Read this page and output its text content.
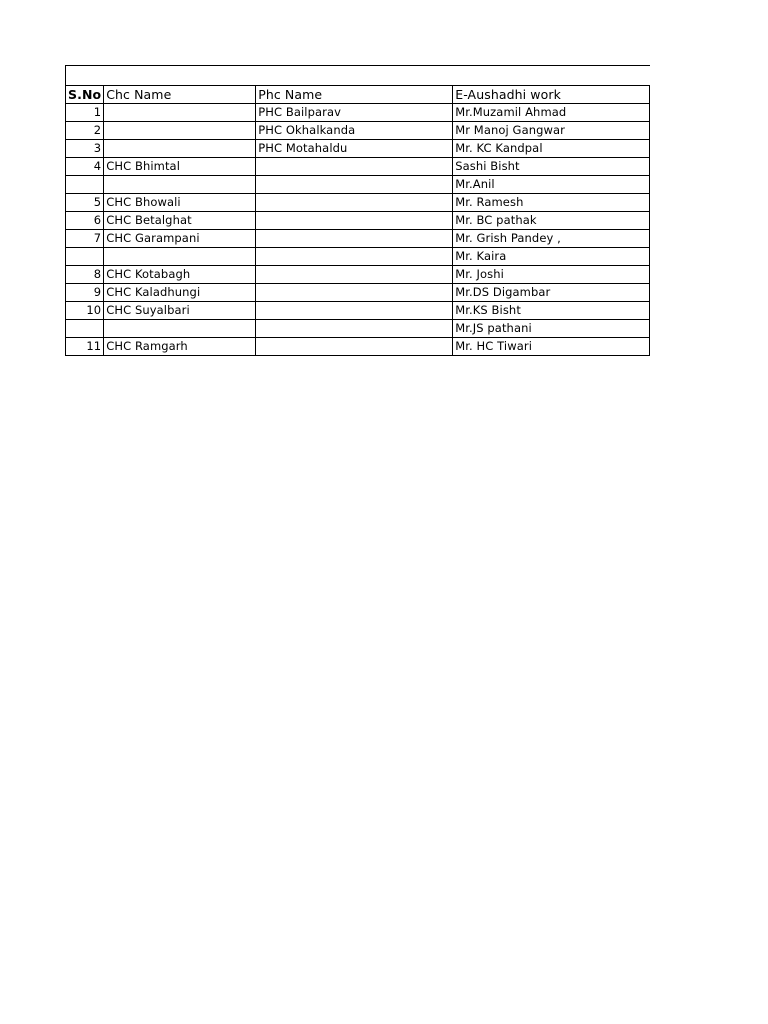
S.No	Chc Name	Phc Name	E-Aushadhi work
1		PHC Bailparav	Mr.Muzamil Ahmad
2		PHC Okhalkanda	Mr Manoj Gangwar
3		PHC Motahaldu	Mr. KC Kandpal
4	CHC Bhimtal		Sashi Bisht
			Mr.Anil
5	CHC Bhowali		Mr. Ramesh
6	CHC Betalghat		Mr. BC pathak
7	CHC Garampani		Mr. Grish Pandey ,
			Mr. Kaira
8	CHC Kotabagh		Mr. Joshi
9	CHC Kaladhungi		Mr.DS Digambar
10	CHC Suyalbari		Mr.KS Bisht
			Mr.JS pathani
11	CHC Ramgarh		Mr. HC Tiwari
